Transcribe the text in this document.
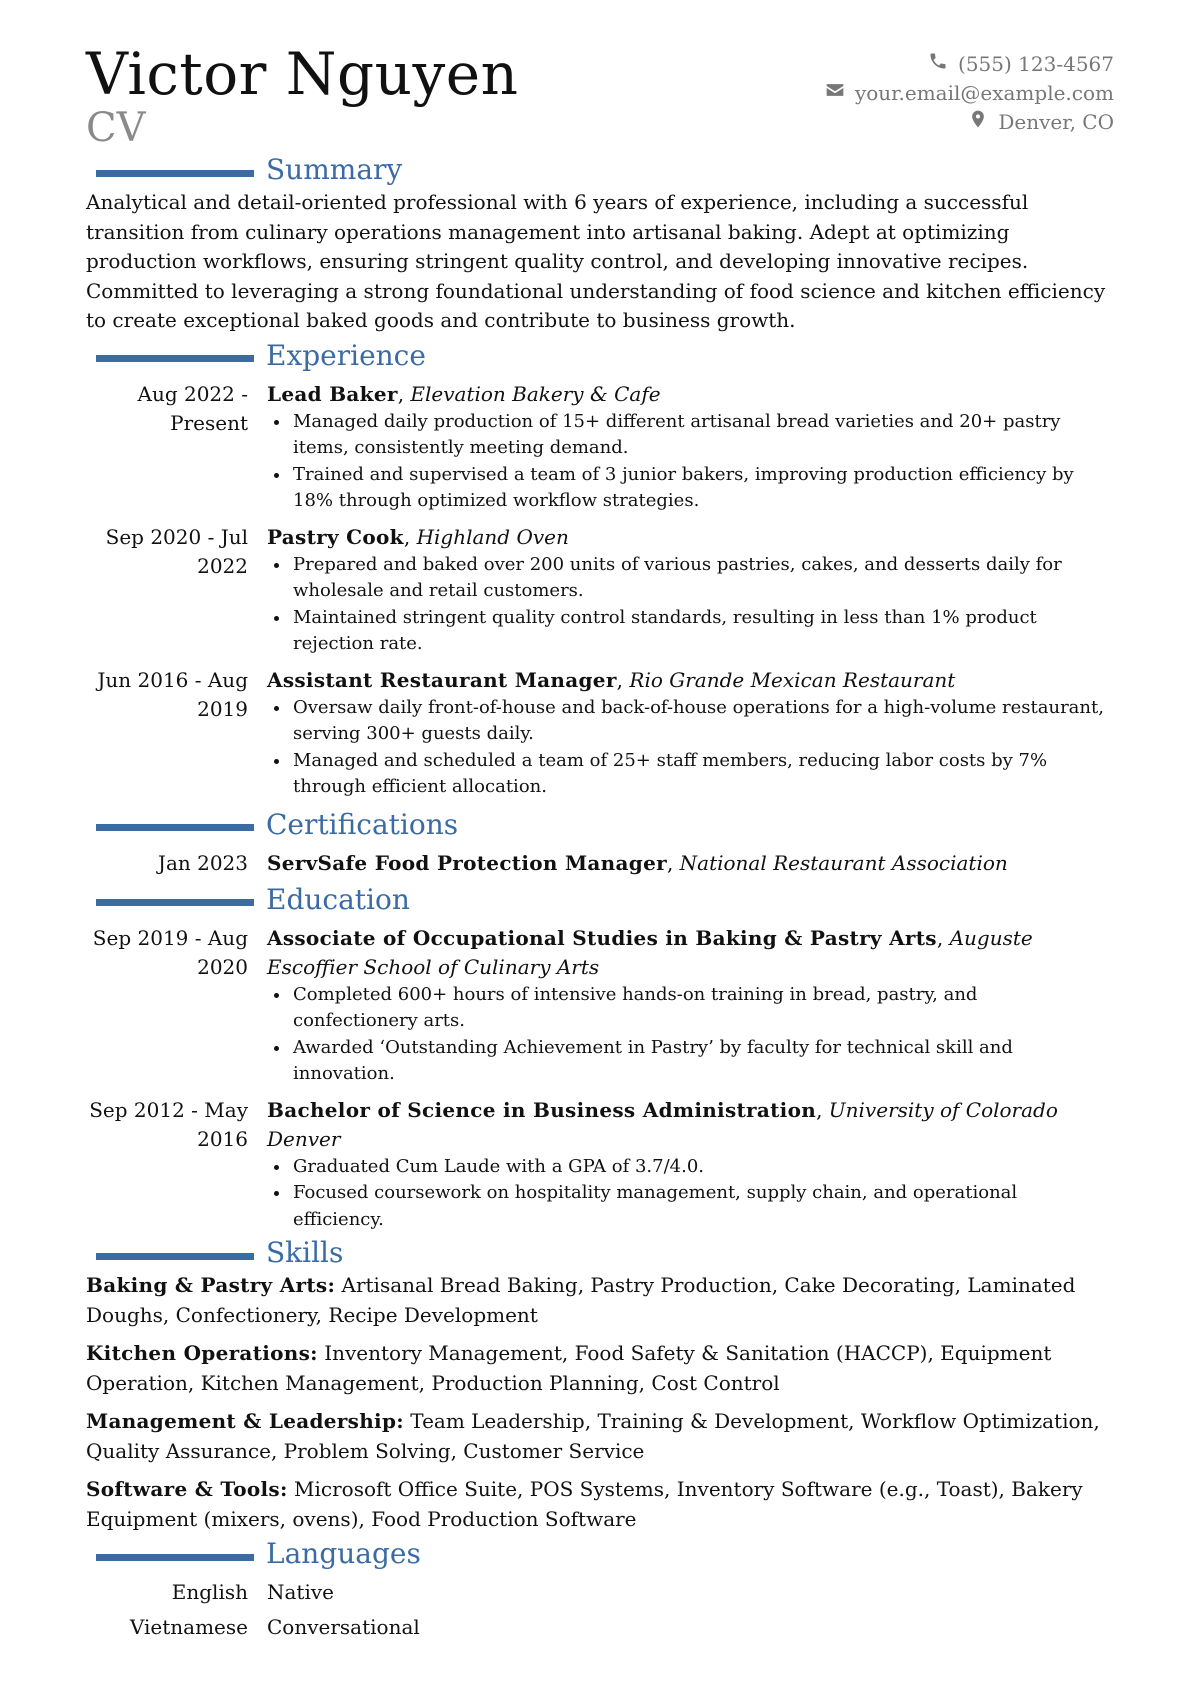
Victor Nguyen

CV

(555) 123-4567
your.email@example.com
Denver, CO
Summary

Analytical and detail-oriented professional with 6 years of experience, including a successful transition from culinary operations management into artisanal baking. Adept at optimizing production workflows, ensuring stringent quality control, and developing innovative recipes. Committed to leveraging a strong foundational understanding of food science and kitchen efficiency to create exceptional baked goods and contribute to business growth.

Experience
Aug 2022 - Present
Lead Baker, Elevation Bakery & Cafe
• Managed daily production of 15+ different artisanal bread varieties and 20+ pastry items, consistently meeting demand.
• Trained and supervised a team of 3 junior bakers, improving production efficiency by 18% through optimized workflow strategies.
Sep 2020 - Jul 2022
Pastry Cook, Highland Oven
• Prepared and baked over 200 units of various pastries, cakes, and desserts daily for wholesale and retail customers.
• Maintained stringent quality control standards, resulting in less than 1% product rejection rate.
Jun 2016 - Aug 2019
Assistant Restaurant Manager, Rio Grande Mexican Restaurant
• Oversaw daily front-of-house and back-of-house operations for a high-volume restaurant, serving 300+ guests daily.
• Managed and scheduled a team of 25+ staff members, reducing labor costs by 7% through efficient allocation.
Certifications
Jan 2023 ServSafe Food Protection Manager, National Restaurant Association
Education
Sep 2019 - Aug 2020
Associate of Occupational Studies in Baking & Pastry Arts, Auguste Escoffier School of Culinary Arts
• Completed 600+ hours of intensive hands-on training in bread, pastry, and confectionery arts.
• Awarded ‘Outstanding Achievement in Pastry’ by faculty for technical skill and innovation.
Sep 2012 - May 2016
Bachelor of Science in Business Administration, University of Colorado Denver
• Graduated Cum Laude with a GPA of 3.7/4.0.
• Focused coursework on hospitality management, supply chain, and operational efficiency.
Skills

Baking & Pastry Arts: Artisanal Bread Baking, Pastry Production, Cake Decorating, Laminated Doughs, Confectionery, Recipe Development

Kitchen Operations: Inventory Management, Food Safety & Sanitation (HACCP), Equipment Operation, Kitchen Management, Production Planning, Cost Control

Management & Leadership: Team Leadership, Training & Development, Workflow Optimization, Quality Assurance, Problem Solving, Customer Service

Software & Tools: Microsoft Office Suite, POS Systems, Inventory Software (e.g., Toast), Bakery Equipment (mixers, ovens), Food Production Software

Languages
English Native
Vietnamese Conversational
